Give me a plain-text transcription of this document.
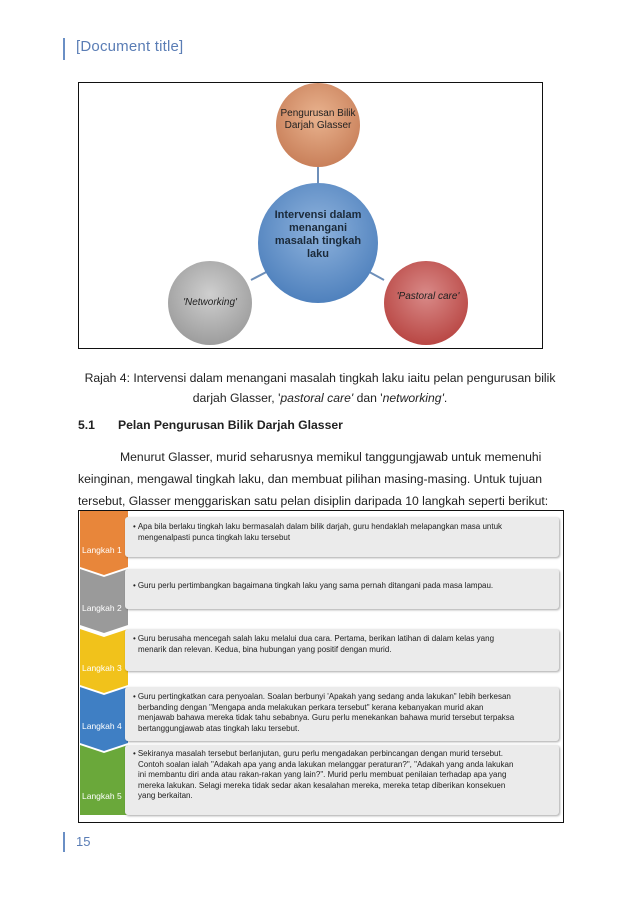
[Document title]
Pengurusan Bilik Darjah Glasser
Intervensi dalam menangani masalah tingkah laku
'Networking'
'Pastoral care'
Rajah 4: Intervensi dalam menangani masalah tingkah laku iaitu pelan pengurusan bilik
darjah Glasser, 'pastoral care' dan 'networking'.
5.1 Pelan Pengurusan Bilik Darjah Glasser
Menurut Glasser, murid seharusnya memikul tanggungjawab untuk memenuhi
keinginan, mengawal tingkah laku, dan membuat pilihan masing-masing. Untuk tujuan
tersebut, Glasser menggariskan satu pelan disiplin daripada 10 langkah seperti berikut:
Langkah 1
• Apa bila berlaku tingkah laku bermasalah dalam bilik darjah, guru hendaklah melapangkan masa untuk
mengenalpasti punca tingkah laku tersebut
Langkah 2
• Guru perlu pertimbangkan bagaimana tingkah laku yang sama pernah ditangani pada masa lampau.
Langkah 3
• Guru berusaha mencegah salah laku melalui dua cara. Pertama, berikan latihan di dalam kelas yang
menarik dan relevan. Kedua, bina hubungan yang positif dengan murid.
Langkah 4
• Guru pertingkatkan cara penyoalan. Soalan berbunyi 'Apakah yang sedang anda lakukan" lebih berkesan
berbanding dengan "Mengapa anda melakukan perkara tersebut" kerana kebanyakan murid akan
menjawab bahawa mereka tidak tahu sebabnya. Guru perlu menekankan bahawa murid tersebut terpaksa
bertanggungjawab atas tingkah laku tersebut.
Langkah 5
• Sekiranya masalah tersebut berlanjutan, guru perlu mengadakan perbincangan dengan murid tersebut.
Contoh soalan ialah "Adakah apa yang anda lakukan melanggar peraturan?", "Adakah yang anda lakukan
ini membantu diri anda atau rakan-rakan yang lain?". Murid perlu membuat penilaian terhadap apa yang
mereka lakukan. Selagi mereka tidak sedar akan kesalahan mereka, mereka tetap diberikan konsekuen
yang berkaitan.
15
